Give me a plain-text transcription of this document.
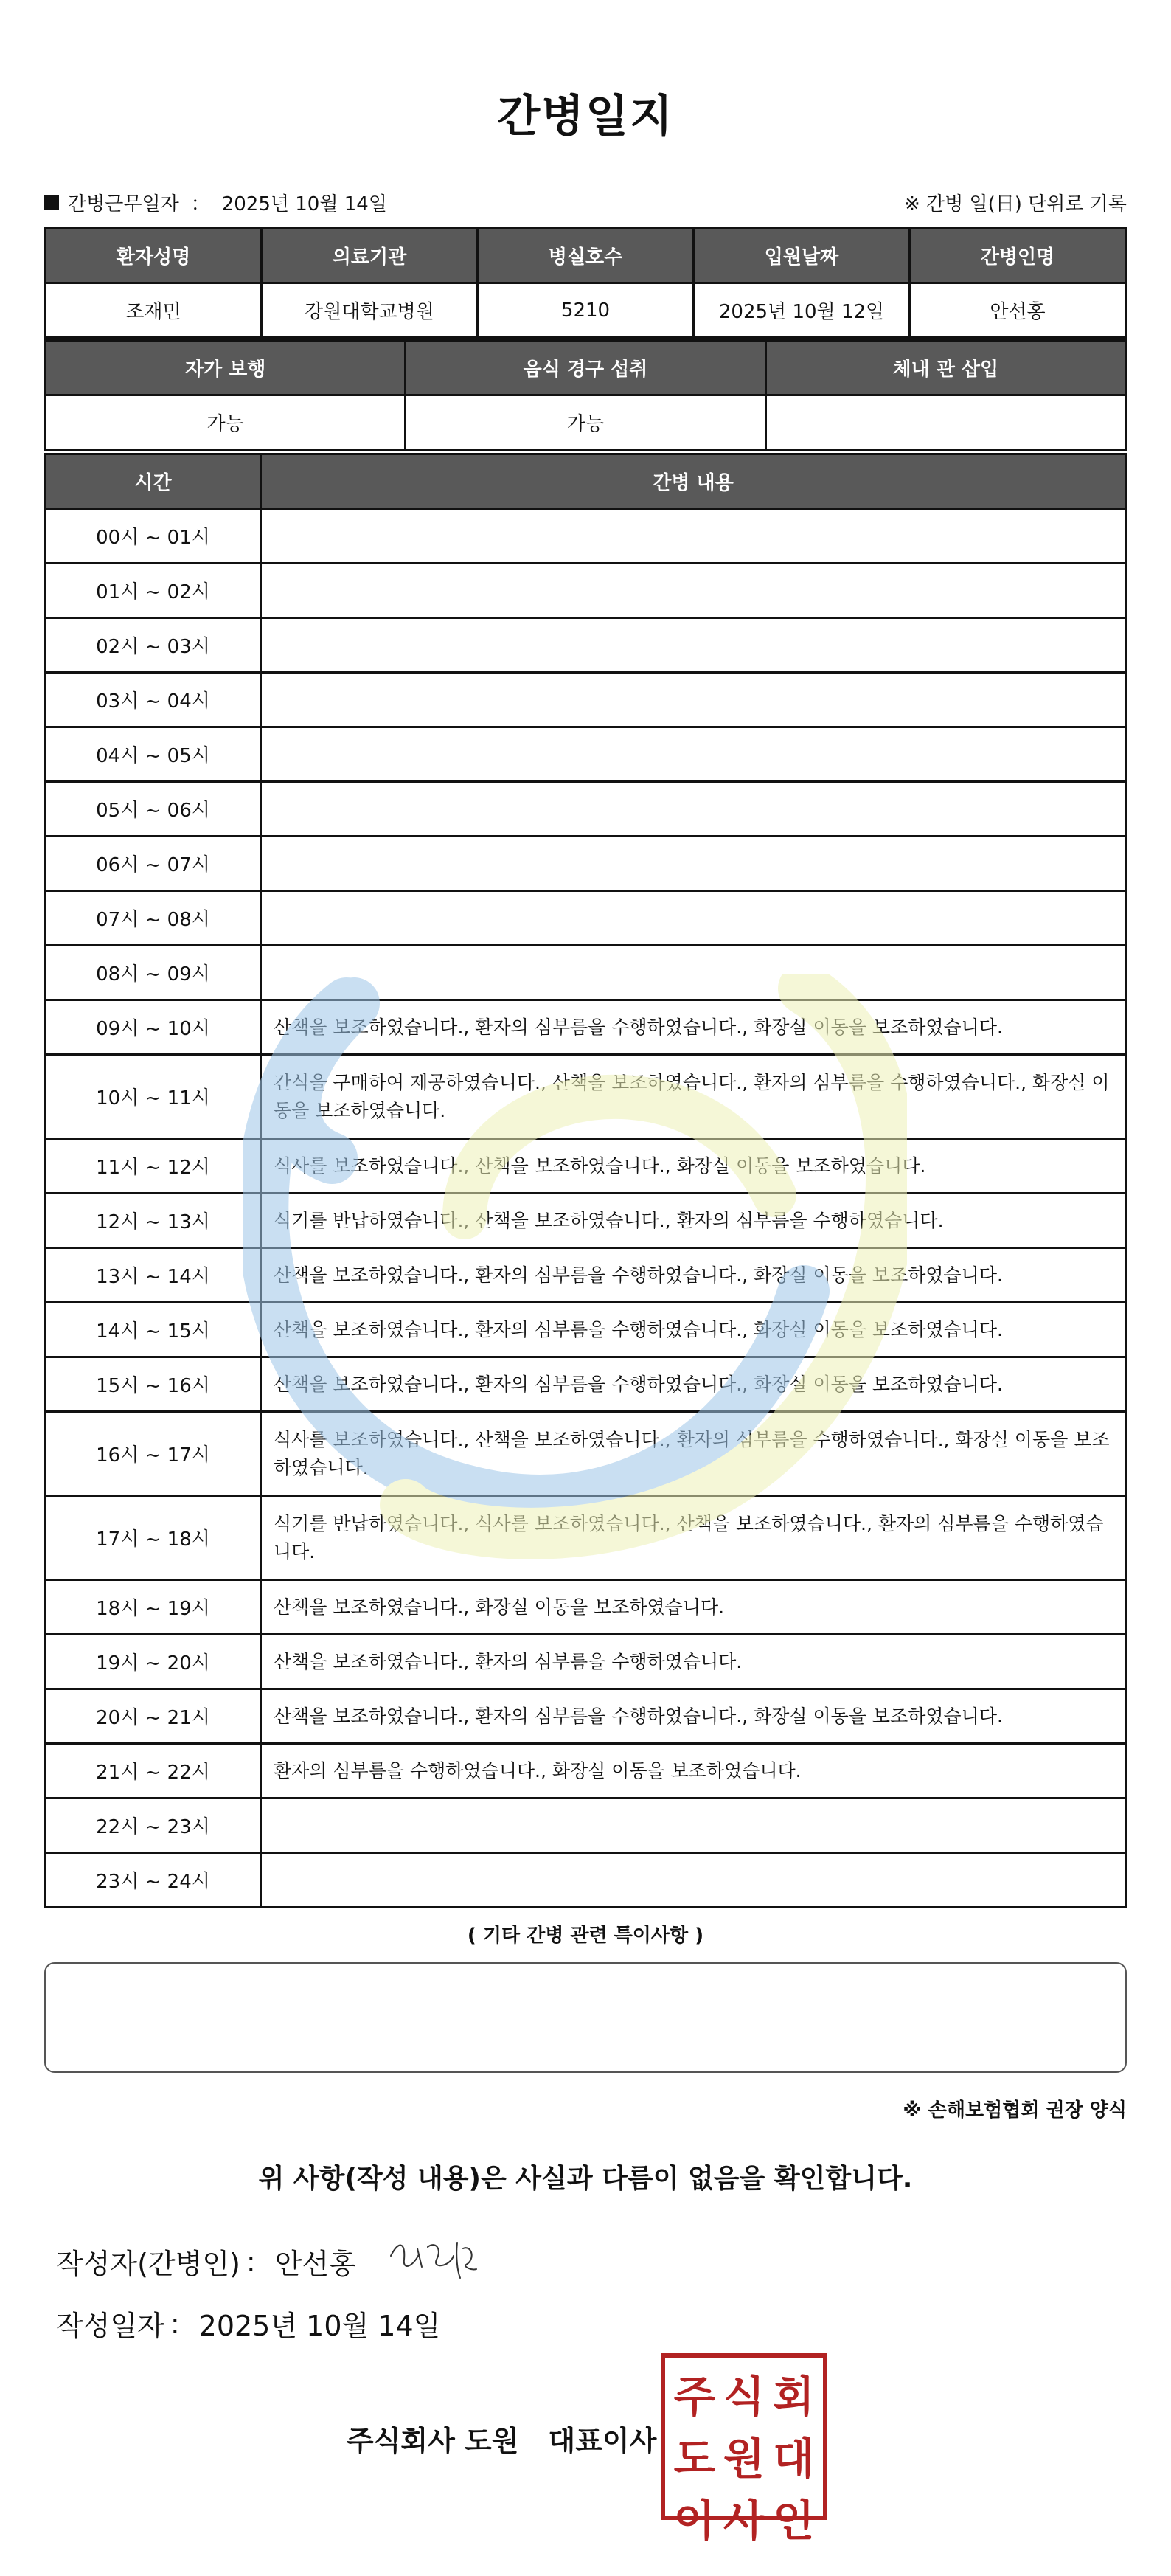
간병일지
간병근무일자 ： 2025년 10월 14일	※ 간병 일(日) 단위로 기록
환자성명	의료기관	병실호수	입원날짜	간병인명
조재민	강원대학교병원	5210	2025년 10월 12일	안선홍
자가 보행	음식 경구 섭취	체내 관 삽입
가능	가능	
시간	간병 내용
00시 ~ 01시	
01시 ~ 02시	
02시 ~ 03시	
03시 ~ 04시	
04시 ~ 05시	
05시 ~ 06시	
06시 ~ 07시	
07시 ~ 08시	
08시 ~ 09시	
09시 ~ 10시	산책을 보조하였습니다., 환자의 심부름을 수행하였습니다., 화장실 이동을 보조하였습니다.
10시 ~ 11시	간식을 구매하여 제공하였습니다., 산책을 보조하였습니다., 환자의 심부름을 수행하였습니다., 화장실 이동을 보조하였습니다.
11시 ~ 12시	식사를 보조하였습니다., 산책을 보조하였습니다., 화장실 이동을 보조하였습니다.
12시 ~ 13시	식기를 반납하였습니다., 산책을 보조하였습니다., 환자의 심부름을 수행하였습니다.
13시 ~ 14시	산책을 보조하였습니다., 환자의 심부름을 수행하였습니다., 화장실 이동을 보조하였습니다.
14시 ~ 15시	산책을 보조하였습니다., 환자의 심부름을 수행하였습니다., 화장실 이동을 보조하였습니다.
15시 ~ 16시	산책을 보조하였습니다., 환자의 심부름을 수행하였습니다., 화장실 이동을 보조하였습니다.
16시 ~ 17시	식사를 보조하였습니다., 산책을 보조하였습니다., 환자의 심부름을 수행하였습니다., 화장실 이동을 보조하였습니다.
17시 ~ 18시	식기를 반납하였습니다., 식사를 보조하였습니다., 산책을 보조하였습니다., 환자의 심부름을 수행하였습니다.
18시 ~ 19시	산책을 보조하였습니다., 화장실 이동을 보조하였습니다.
19시 ~ 20시	산책을 보조하였습니다., 환자의 심부름을 수행하였습니다.
20시 ~ 21시	산책을 보조하였습니다., 환자의 심부름을 수행하였습니다., 화장실 이동을 보조하였습니다.
21시 ~ 22시	환자의 심부름을 수행하였습니다., 화장실 이동을 보조하였습니다.
22시 ~ 23시	
23시 ~ 24시	
( 기타 간병 관련 특이사항 )
※ 손해보험협회 권장 양식
위 사항(작성 내용)은 사실과 다름이 없음을 확인합니다.
작성자(간병인) : 안선홍
작성일자 : 2025년 10월 14일
주식회사 도원 대표이사
주 식 회
도 원 대
이 사 인
